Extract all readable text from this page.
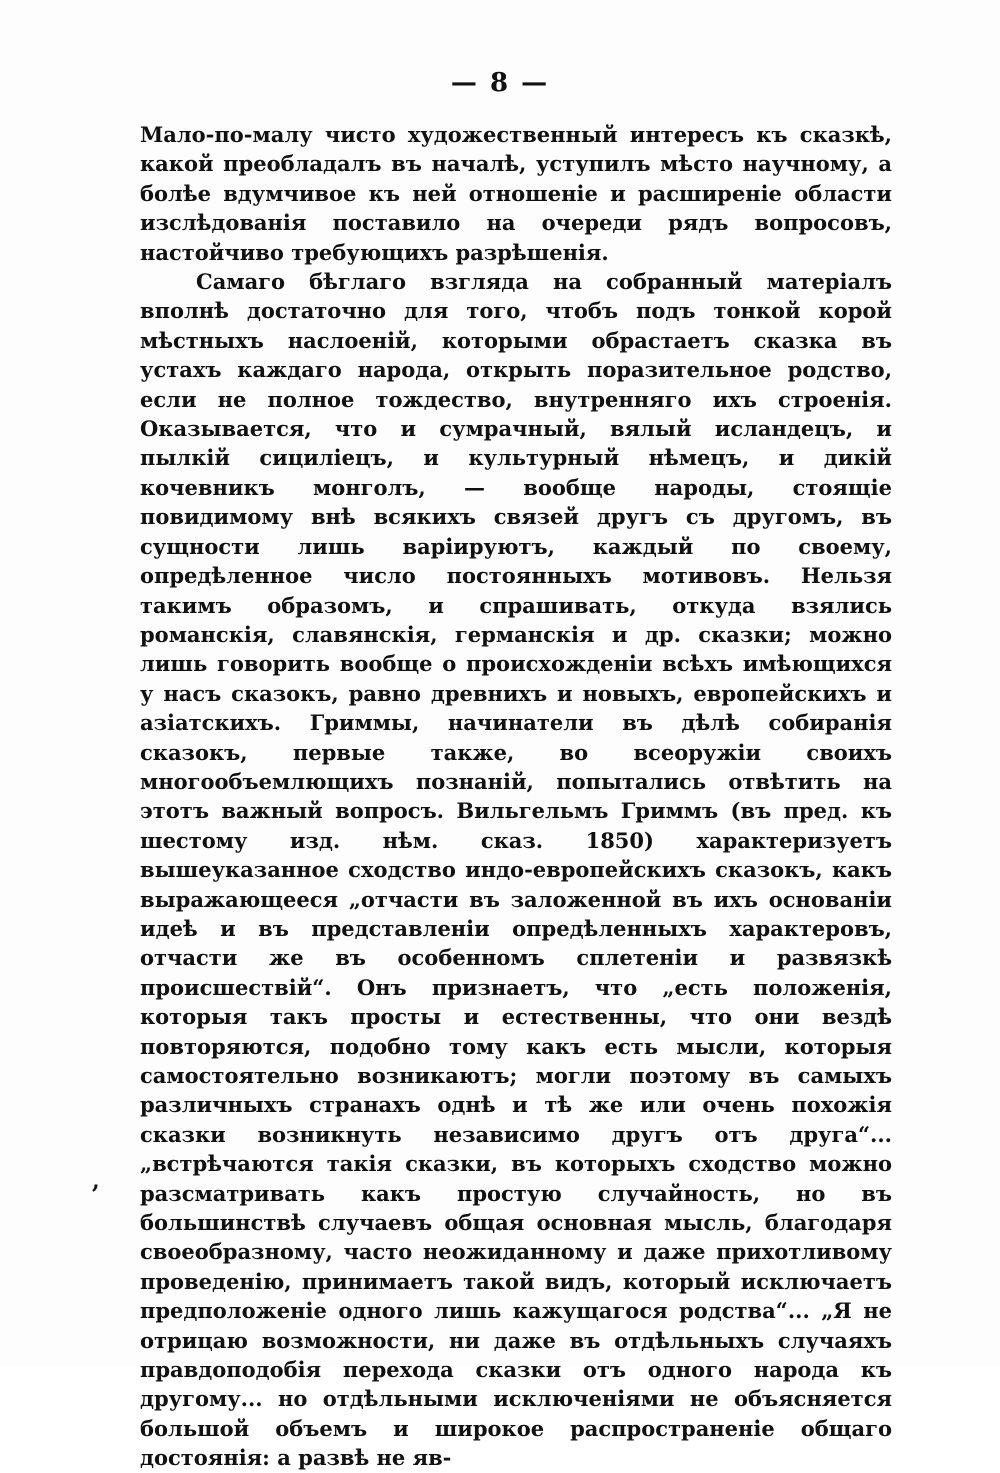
— 8 —

Мало-по-малу чисто художественный интересъ къ сказкѣ, какой преобладалъ въ началѣ, уступилъ мѣсто научному, а болѣе вдумчивое къ ней отношеніе и расширеніе области изслѣдованія поставило на очереди рядъ вопросовъ, настойчиво требующихъ разрѣшенія.

Самаго бѣглаго взгляда на собранный матеріалъ вполнѣ достаточно для того, чтобъ подъ тонкой корой мѣстныхъ наслоеній, которыми обрастаетъ сказка въ устахъ каждаго народа, открыть поразительное родство, если не полное тождество, внутренняго ихъ строенія. Оказывается, что и сумрачный, вялый исландецъ, и пылкій сициліецъ, и культурный нѣмецъ, и дикій кочевникъ монголъ, — вообще народы, стоящіе повидимому внѣ всякихъ связей другъ съ другомъ, въ сущности лишь варіируютъ, каждый по своему, опредѣленное число постоянныхъ мотивовъ. Нельзя такимъ образомъ, и спрашивать, откуда взялись романскія, славянскія, германскія и др. сказки; можно лишь говорить вообще о происхожденіи всѣхъ имѣющихся у насъ сказокъ, равно древнихъ и новыхъ, европейскихъ и азіатскихъ. Гриммы, начинатели въ дѣлѣ собиранія сказокъ, первые также, во всеоружіи своихъ многообъемлющихъ познаній, попытались отвѣтить на этотъ важный вопросъ. Вильгельмъ Гриммъ (въ пред. къ шестому изд. нѣм. сказ. 1850) характеризуетъ вышеуказанное сходство индо-европейскихъ сказокъ, какъ выражающееся „отчасти въ заложенной въ ихъ основаніи идеѣ и въ представленіи опредѣленныхъ характеровъ, отчасти же въ особенномъ сплетеніи и развязкѣ происшествій“. Онъ признаетъ, что „есть положенія, которыя такъ просты и естественны, что они вездѣ повторяются, подобно тому какъ есть мысли, которыя самостоятельно возникаютъ; могли поэтому въ самыхъ различныхъ странахъ однѣ и тѣ же или очень похожія сказки возникнуть независимо другъ отъ друга“... „встрѣчаются такія сказки, въ которыхъ сходство можно разсматривать какъ простую случайность, но въ большинствѣ случаевъ общая основная мысль, благодаря своеобразному, часто неожиданному и даже прихотливому проведенію, принимаетъ такой видъ, который исключаетъ предположеніе одного лишь кажущагося родства“... „Я не отрицаю возможности, ни даже въ отдѣльныхъ случаяхъ правдоподобія перехода сказки отъ одного народа къ другому... но отдѣльными исключеніями не объясняется большой объемъ и широкое распространеніе общаго достоянія: а развѣ не яв-

,
